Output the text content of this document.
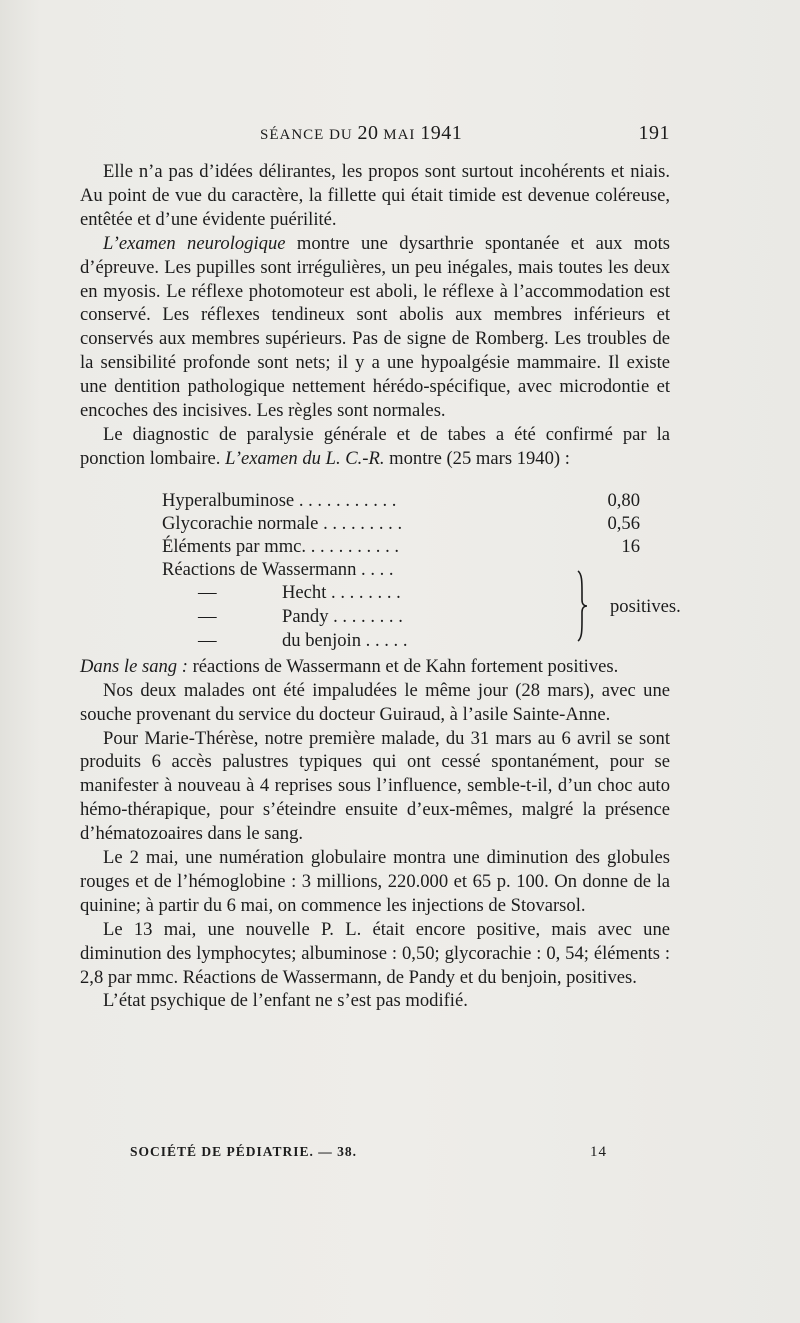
SÉANCE DU 20 MAI 1941	191

Elle n’a pas d’idées délirantes, les propos sont surtout incohérents et niais. Au point de vue du caractère, la fillette qui était timide est devenue coléreuse, entêtée et d’une évidente puérilité.

L’examen neurologique montre une dysarthrie spontanée et aux mots d’épreuve. Les pupilles sont irrégulières, un peu inégales, mais toutes les deux en myosis. Le réflexe photomoteur est aboli, le réflexe à l’accommodation est conservé. Les réflexes tendineux sont abolis aux membres inférieurs et conservés aux membres supérieurs. Pas de signe de Romberg. Les troubles de la sensibilité profonde sont nets; il y a une hypoalgésie mammaire. Il existe une dentition pathologique nettement hérédo-spécifique, avec microdontie et encoches des incisives. Les règles sont normales.

Le diagnostic de paralysie générale et de tabes a été confirmé par la ponction lombaire. L’examen du L. C.-R. montre (25 mars 1940) :

Hyperalbuminose . . . . . . . . . . .	0,80
Glycorachie normale . . . . . . . . .	0,56
Éléments par mmc. . . . . . . . . . .	16
Réactions de Wassermann . . . .
—	Hecht . . . . . . . .
—	Pandy . . . . . . . .
—	du benjoin . . . . .
positives.

Dans le sang : réactions de Wassermann et de Kahn fortement positives.

Nos deux malades ont été impaludées le même jour (28 mars), avec une souche provenant du service du docteur Guiraud, à l’asile Sainte-Anne.

Pour Marie-Thérèse, notre première malade, du 31 mars au 6 avril se sont produits 6 accès palustres typiques qui ont cessé spontanément, pour se manifester à nouveau à 4 reprises sous l’influence, semble-t-il, d’un choc auto hémo-thérapique, pour s’éteindre ensuite d’eux-mêmes, malgré la présence d’hématozoaires dans le sang.

Le 2 mai, une numération globulaire montra une diminution des globules rouges et de l’hémoglobine : 3 millions, 220.000 et 65 p. 100. On donne de la quinine; à partir du 6 mai, on commence les injections de Stovarsol.

Le 13 mai, une nouvelle P. L. était encore positive, mais avec une diminution des lymphocytes; albuminose : 0,50; glycorachie : 0, 54; éléments : 2,8 par mmc. Réactions de Wassermann, de Pandy et du benjoin, positives.

L’état psychique de l’enfant ne s’est pas modifié.

SOCIÉTÉ DE PÉDIATRIE. — 38.	14
